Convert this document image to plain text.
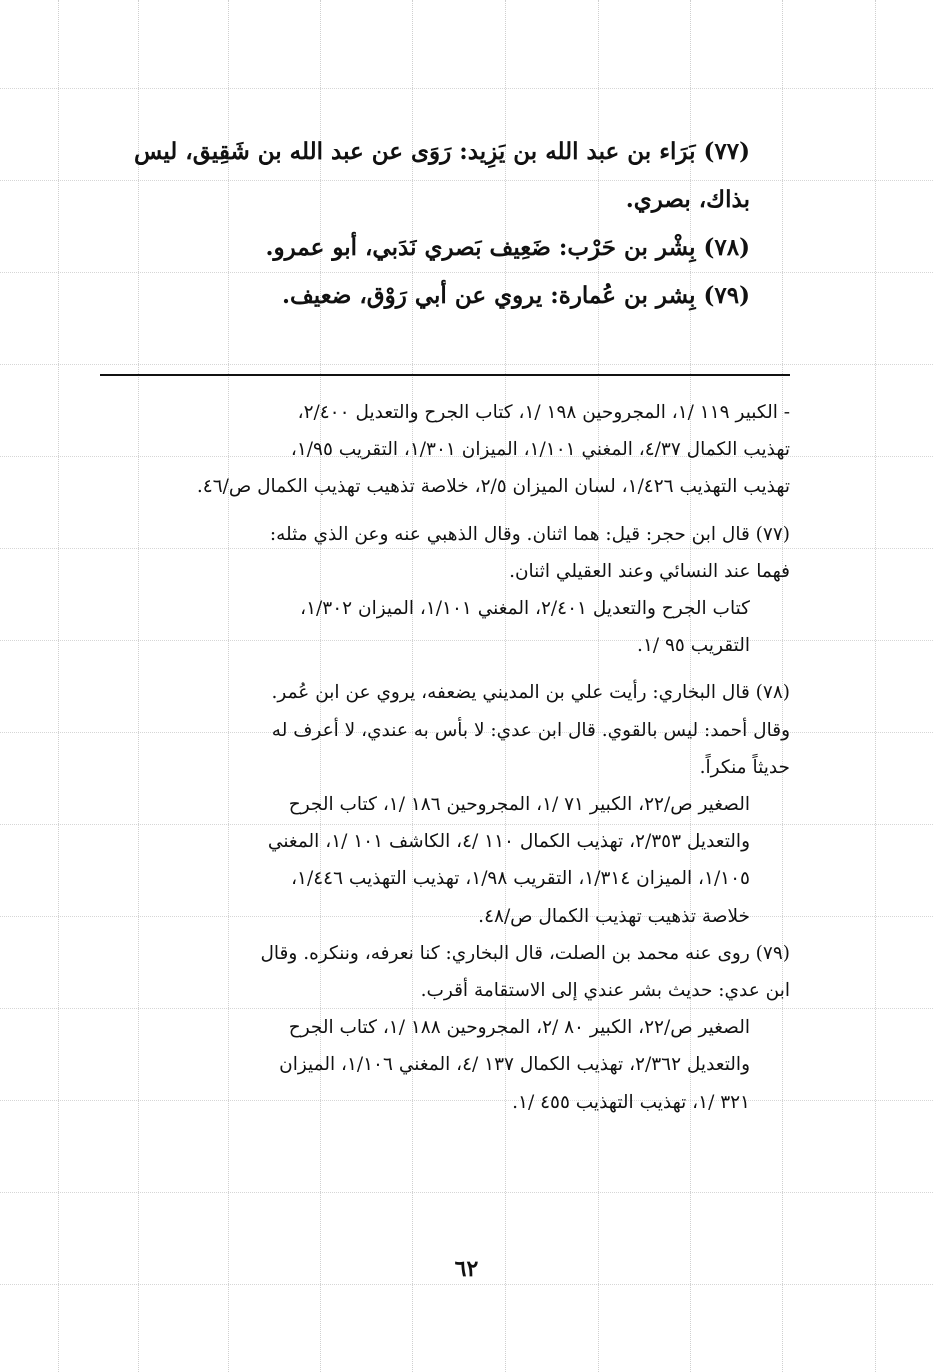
(٧٧) بَرَاء بن عبد الله بن يَزِيد: رَوَى عن عبد الله بن شَقِيق، ليس
بذاك، بصري.

(٧٨) بِشْر بن حَرْب: ضَعِيف بَصري نَدَبي، أبو عمرو.

(٧٩) بِشر بن عُمارة: يروي عن أبي رَوْق، ضعيف.

- الكبير ١١٩ /١، المجروحين ١٩٨ /١، كتاب الجرح والتعديل ٢/٤٠٠،
تهذيب الكمال ٤/٣٧، المغني ١/١٠١، الميزان ١/٣٠١، التقريب ١/٩٥،
تهذيب التهذيب ١/٤٢٦، لسان الميزان ٢/٥، خلاصة تذهيب تهذيب الكمال ص/٤٦.

(٧٧) قال ابن حجر: قيل: هما اثنان. وقال الذهبي عنه وعن الذي مثله:
فهما عند النسائي وعند العقيلي اثنان.

كتاب الجرح والتعديل ٢/٤٠١، المغني ١/١٠١، الميزان ١/٣٠٢،
التقريب ٩٥ /١.

(٧٨) قال البخاري: رأيت علي بن المديني يضعفه، يروي عن ابن عُمر.
وقال أحمد: ليس بالقوي. قال ابن عدي: لا بأس به عندي، لا أعرف له
حديثاً منكراً.

الصغير ص/٢٢، الكبير ٧١ /١، المجروحين ١٨٦ /١، كتاب الجرح
والتعديل ٢/٣٥٣، تهذيب الكمال ١١٠ /٤، الكاشف ١٠١ /١، المغني
١/١٠٥، الميزان ١/٣١٤، التقريب ١/٩٨، تهذيب التهذيب ١/٤٤٦،
خلاصة تذهيب تهذيب الكمال ص/٤٨.

(٧٩) روى عنه محمد بن الصلت، قال البخاري: كنا نعرفه، وننكره. وقال
ابن عدي: حديث بشر عندي إلى الاستقامة أقرب.

الصغير ص/٢٢، الكبير ٨٠ /٢، المجروحين ١٨٨ /١، كتاب الجرح
والتعديل ٢/٣٦٢، تهذيب الكمال ١٣٧ /٤، المغني ١/١٠٦، الميزان
٣٢١ /١، تهذيب التهذيب ٤٥٥ /١.

٦٢
